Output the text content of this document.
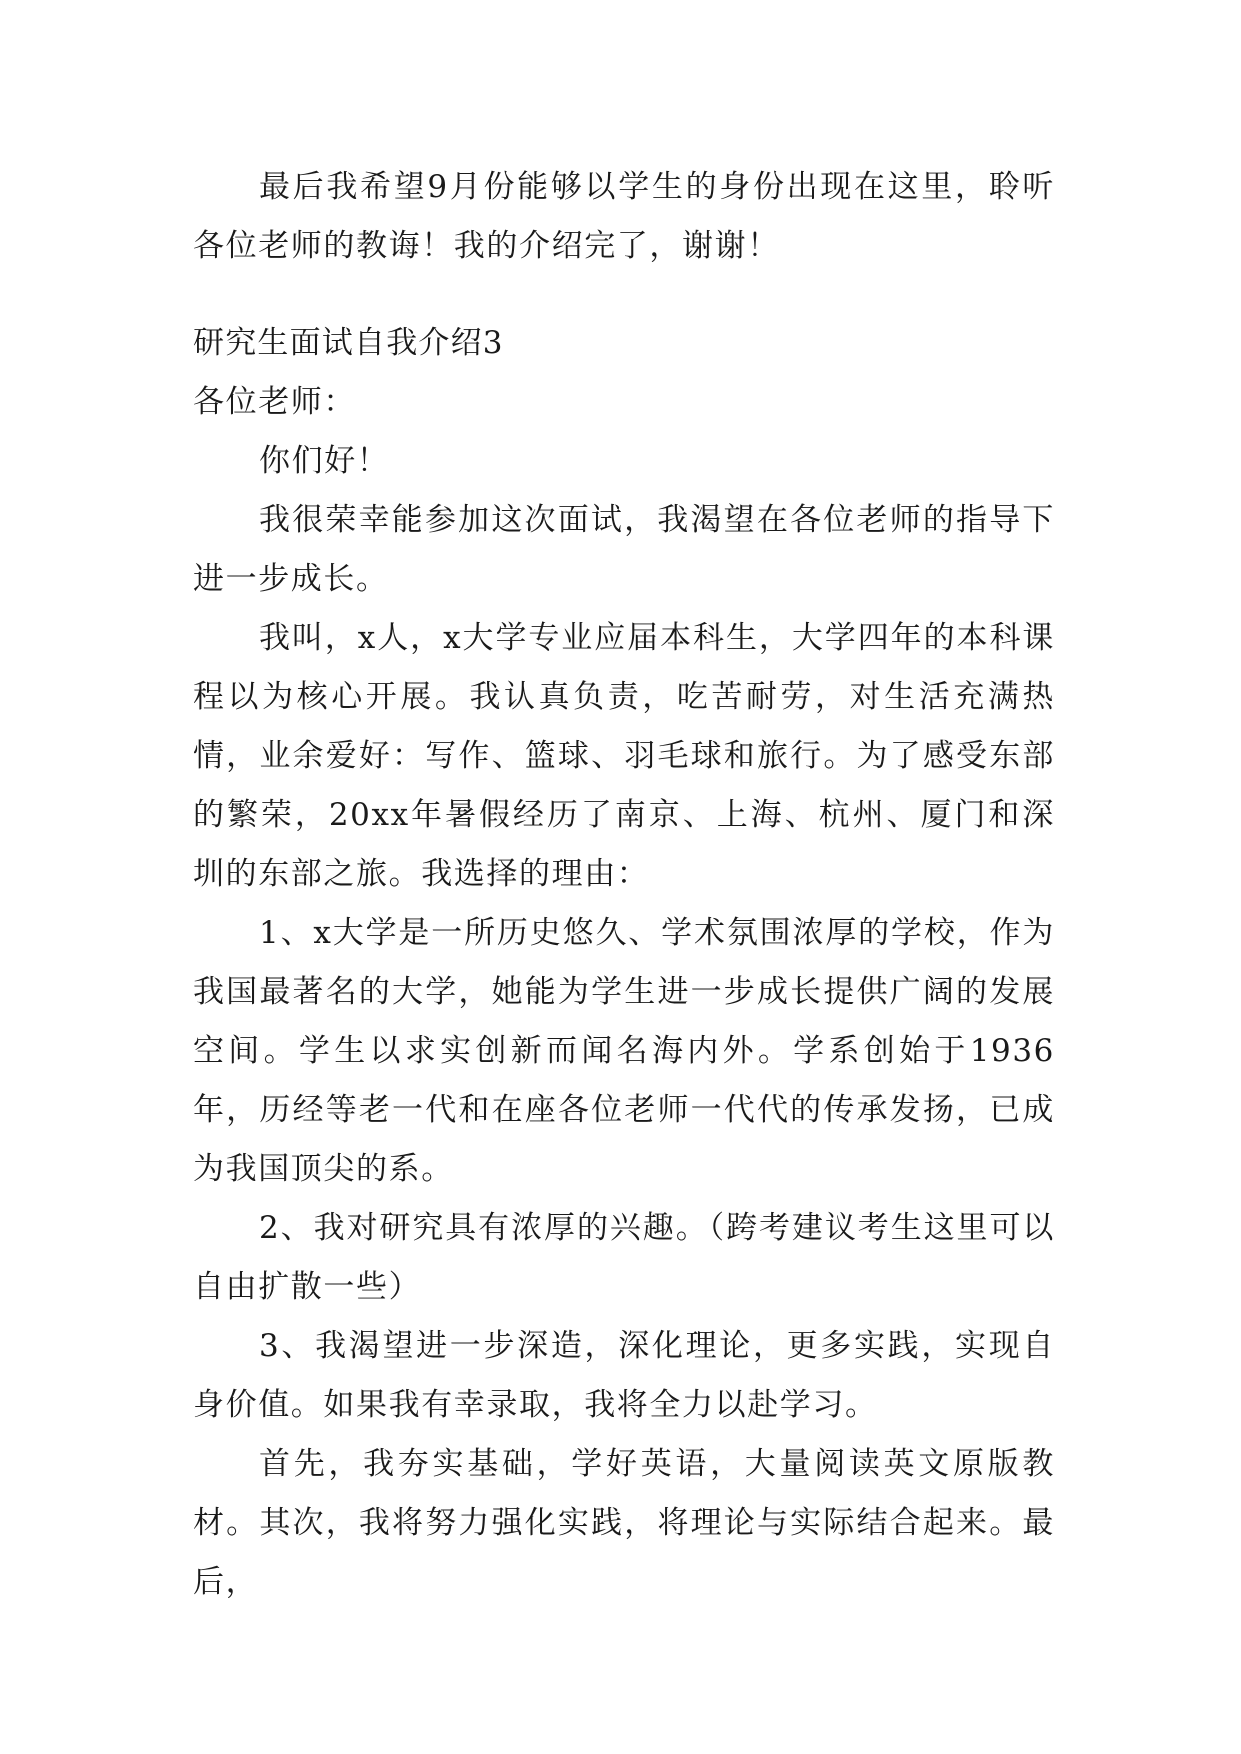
最后我希望9月份能够以学生的身份出现在这里，聆听各位老师的教诲！我的介绍完了，谢谢！

研究生面试自我介绍3

各位老师：

你们好！

我很荣幸能参加这次面试，我渴望在各位老师的指导下进一步成长。

我叫，x人，x大学专业应届本科生，大学四年的本科课程以为核心开展。我认真负责，吃苦耐劳，对生活充满热情，业余爱好：写作、篮球、羽毛球和旅行。为了感受东部的繁荣，20xx年暑假经历了南京、上海、杭州、厦门和深圳的东部之旅。我选择的理由：

1、x大学是一所历史悠久、学术氛围浓厚的学校，作为我国最著名的大学，她能为学生进一步成长提供广阔的发展空间。学生以求实创新而闻名海内外。学系创始于1936年，历经等老一代和在座各位老师一代代的传承发扬，已成为我国顶尖的系。

2、我对研究具有浓厚的兴趣。（跨考建议考生这里可以自由扩散一些）

3、我渴望进一步深造，深化理论，更多实践，实现自身价值。如果我有幸录取，我将全力以赴学习。

首先，我夯实基础，学好英语，大量阅读英文原版教材。其次，我将努力强化实践，将理论与实际结合起来。最后，
